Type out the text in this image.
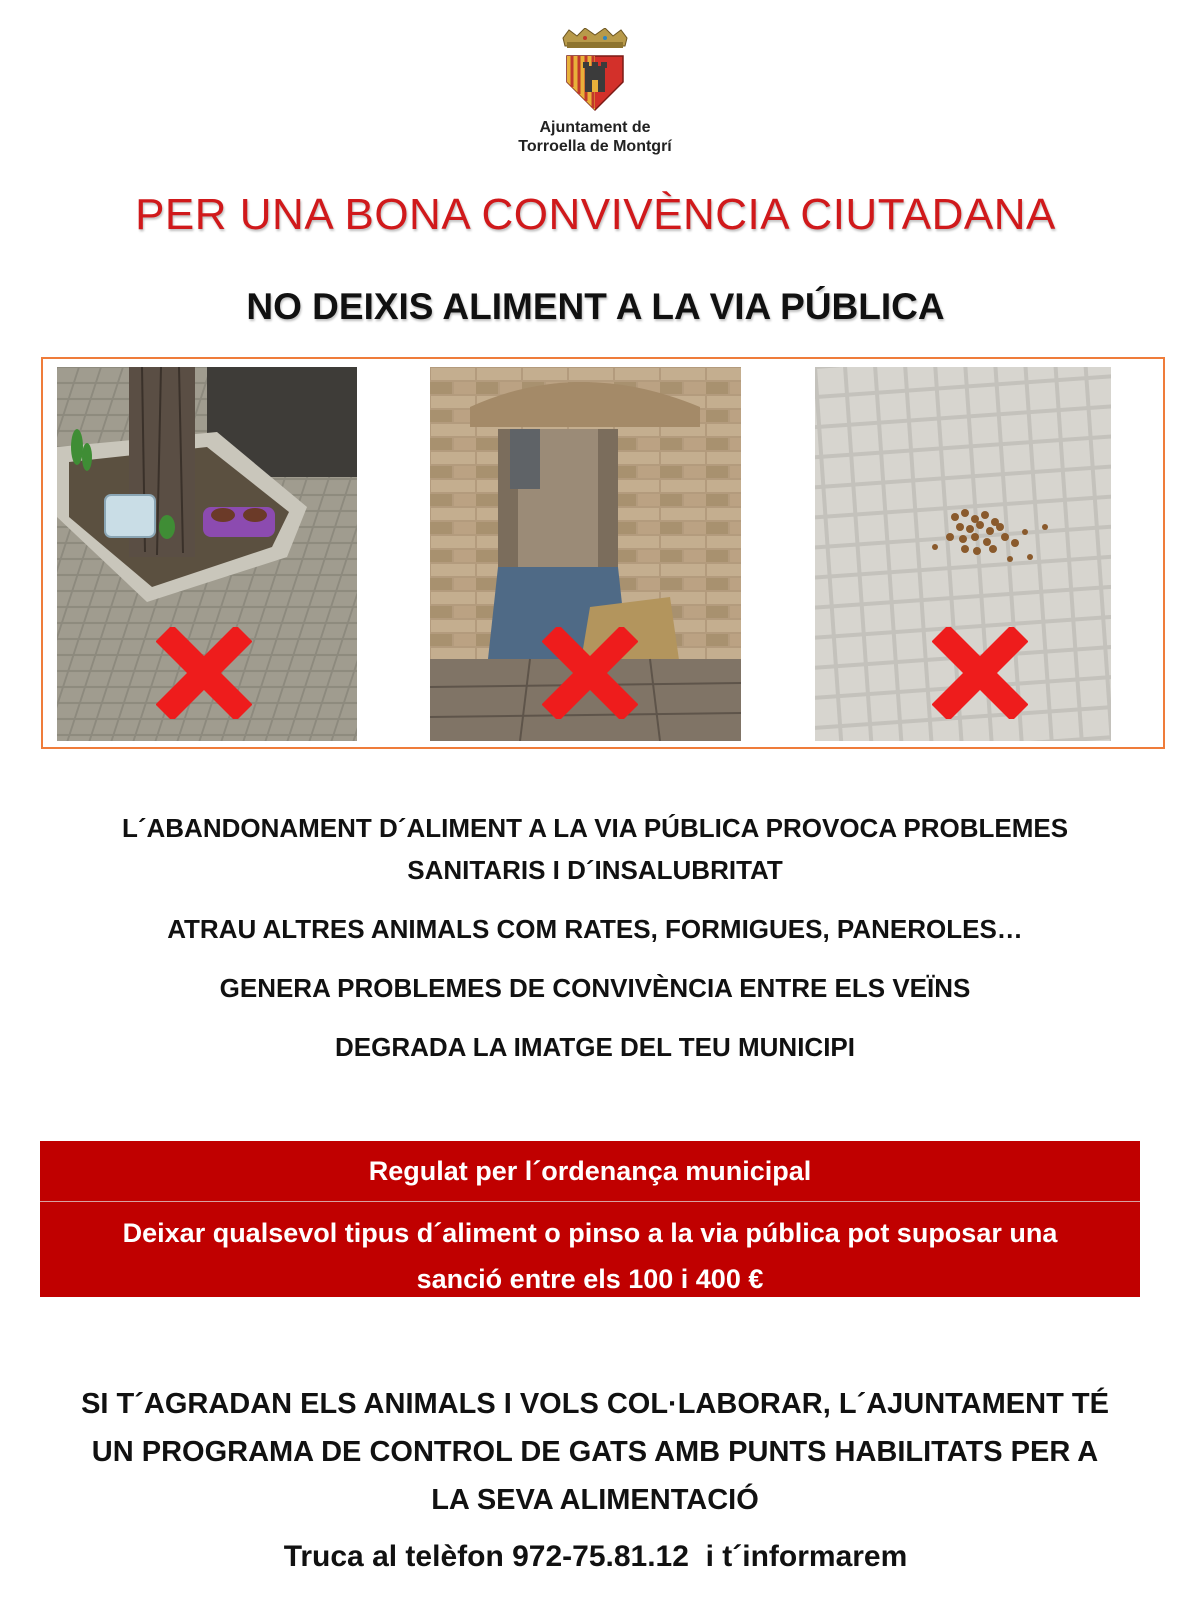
Ajuntament de
Torroella de Montgrí
PER UNA BONA CONVIVÈNCIA CIUTADANA
NO DEIXIS ALIMENT A LA VIA PÚBLICA

L´ABANDONAMENT D´ALIMENT A LA VIA PÚBLICA PROVOCA PROBLEMES
SANITARIS I D´INSALUBRITAT

ATRAU ALTRES ANIMALS COM RATES, FORMIGUES, PANEROLES…

GENERA PROBLEMES DE CONVIVÈNCIA ENTRE ELS VEÏNS

DEGRADA LA IMATGE DEL TEU MUNICIPI

Regulat per l´ordenança municipal
Deixar qualsevol tipus d´aliment o pinso a la via pública pot suposar una
sanció entre els 100 i 400 €
SI T´AGRADAN ELS ANIMALS I VOLS COL·LABORAR, L´AJUNTAMENT TÉ
UN PROGRAMA DE CONTROL DE GATS AMB PUNTS HABILITATS PER A
LA SEVA ALIMENTACIÓ
Truca al telèfon 972-75.81.12  i t´informarem
